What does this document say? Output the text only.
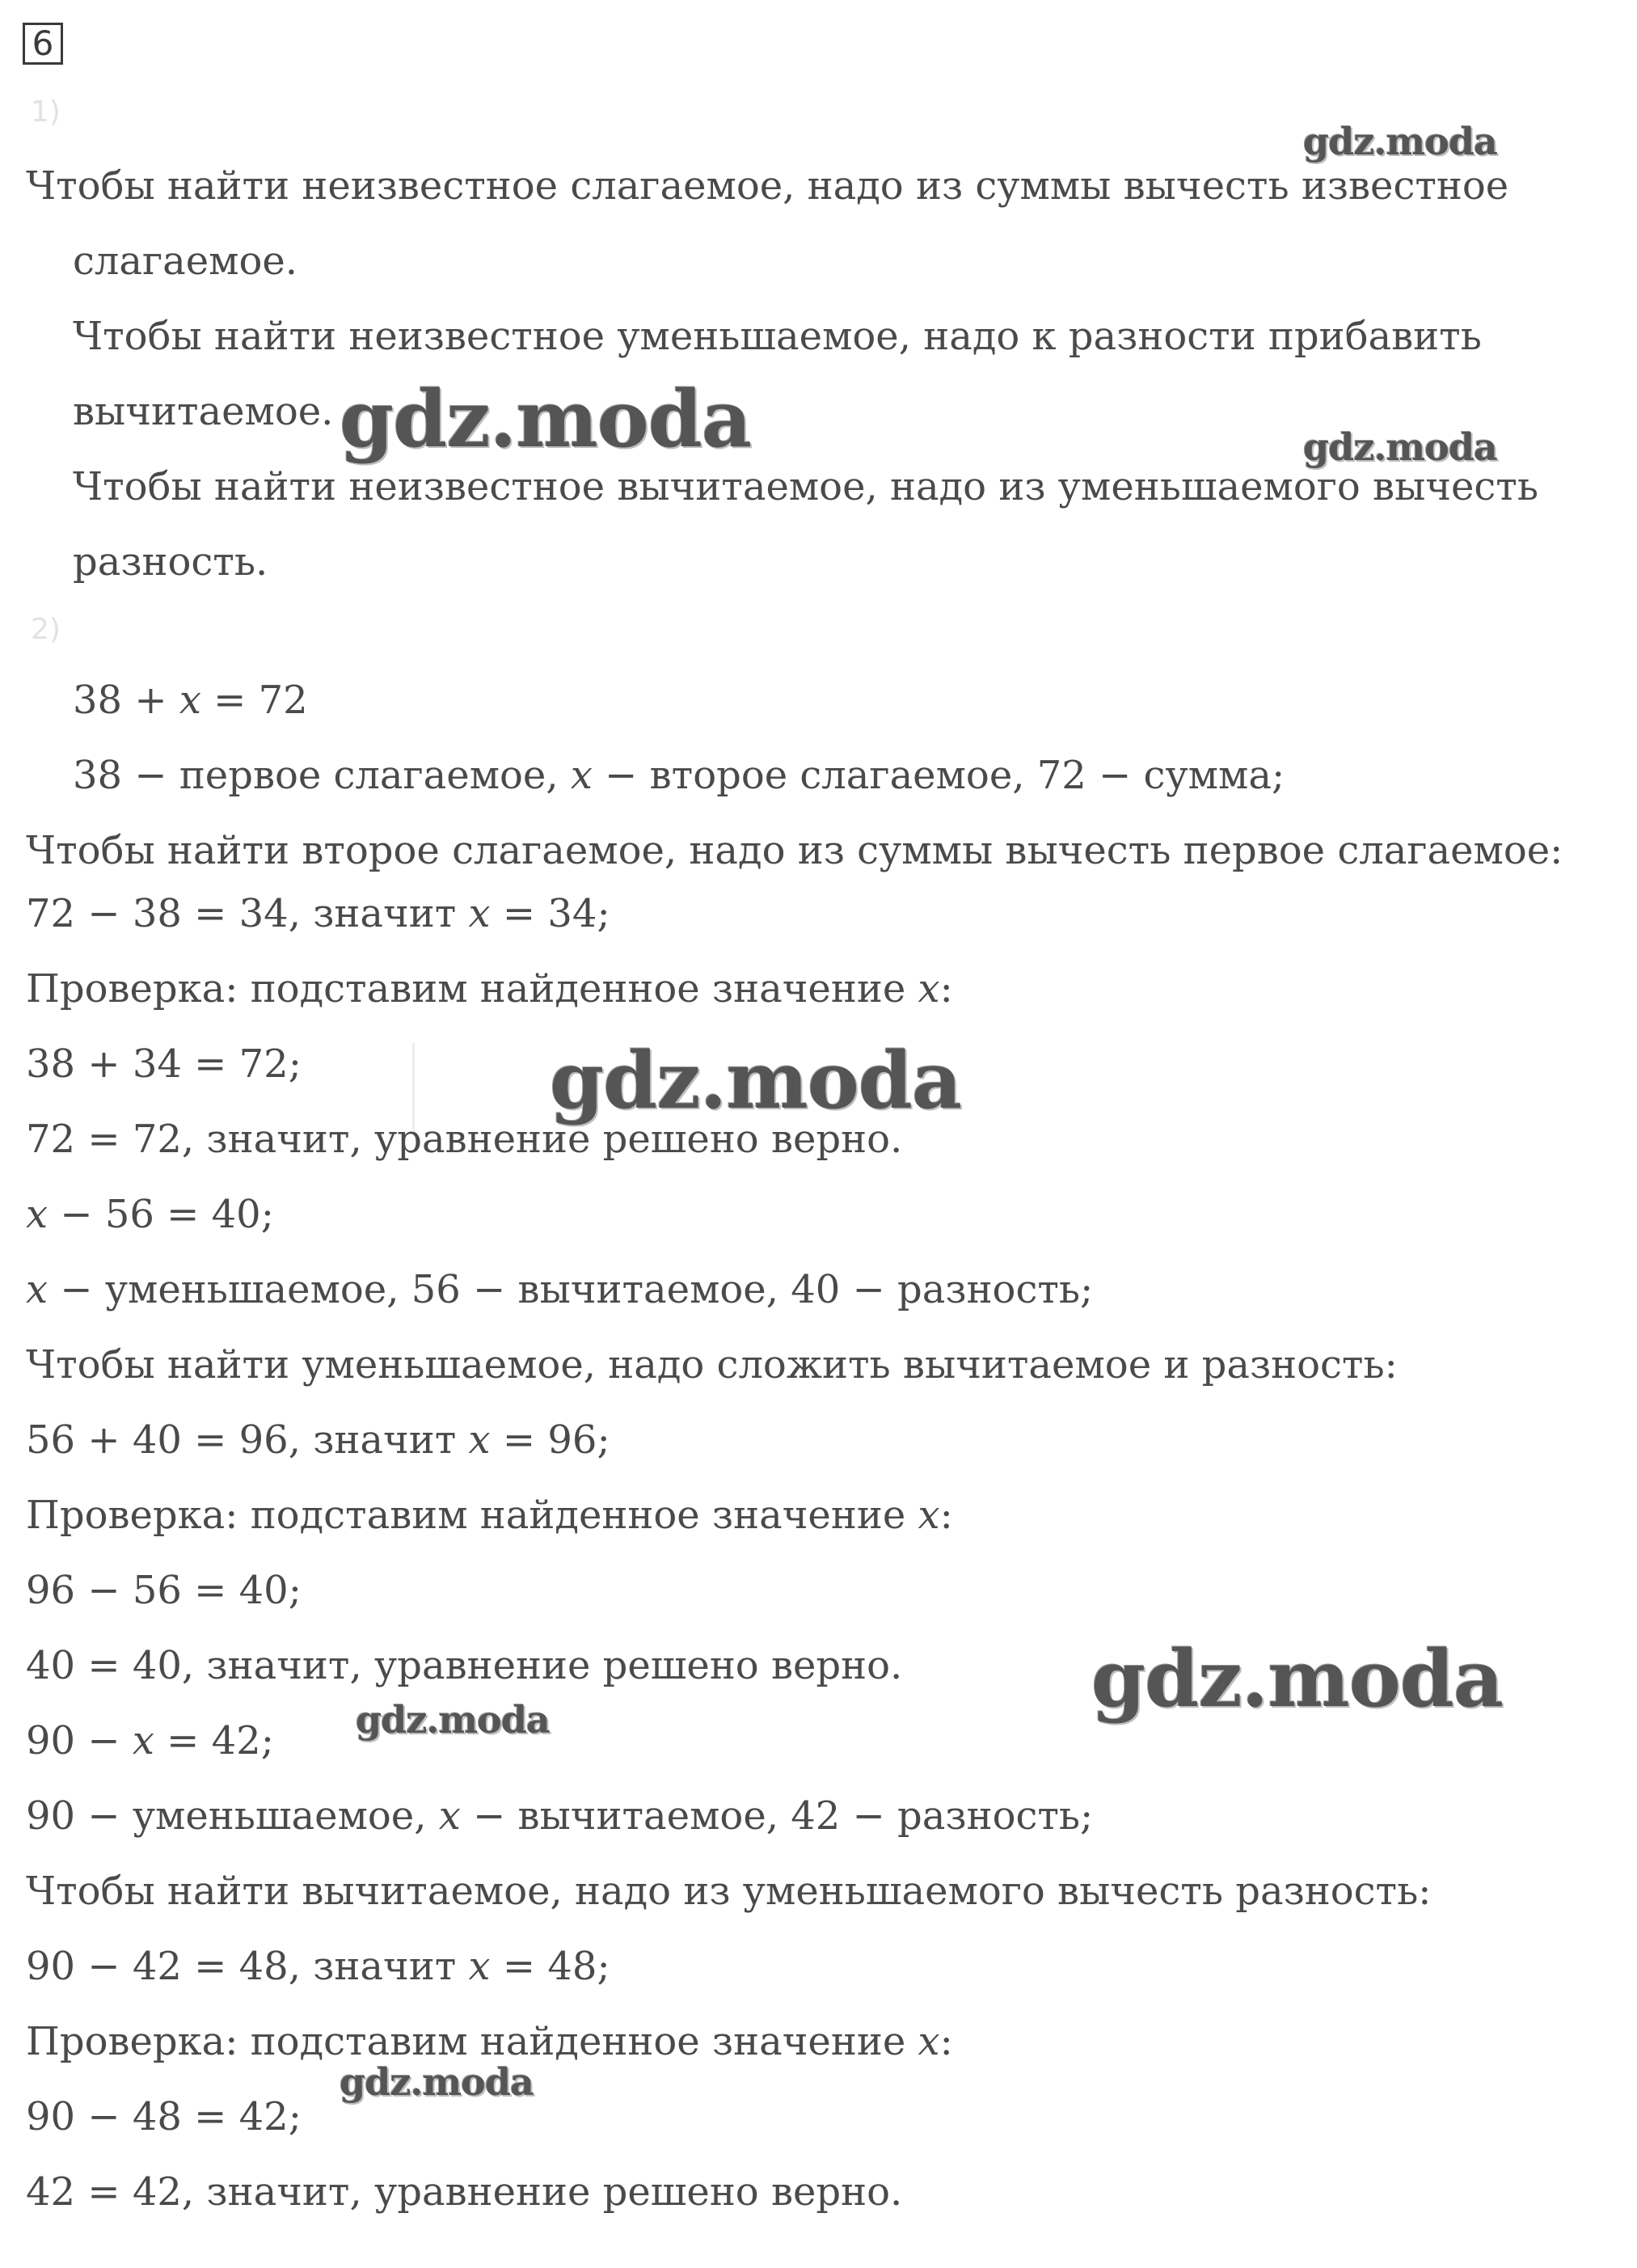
6
1)
2)
Чтобы найти неизвестное слагаемое, надо из суммы вычесть известное
слагаемое.
Чтобы найти неизвестное уменьшаемое, надо к разности прибавить
вычитаемое.
Чтобы найти неизвестное вычитаемое, надо из уменьшаемого вычесть
разность.
38 + x = 72
38 − первое слагаемое, x − второе слагаемое, 72 − сумма;
Чтобы найти второе слагаемое, надо из суммы вычесть первое слагаемое:
72 − 38 = 34, значит x = 34;
Проверка: подставим найденное значение x:
38 + 34 = 72;
72 = 72, значит, уравнение решено верно.
x − 56 = 40;
x − уменьшаемое, 56 − вычитаемое, 40 − разность;
Чтобы найти уменьшаемое, надо сложить вычитаемое и разность:
56 + 40 = 96, значит x = 96;
Проверка: подставим найденное значение x:
96 − 56 = 40;
40 = 40, значит, уравнение решено верно.
90 − x = 42;
90 − уменьшаемое, x − вычитаемое, 42 − разность;
Чтобы найти вычитаемое, надо из уменьшаемого вычесть разность:
90 − 42 = 48, значит x = 48;
Проверка: подставим найденное значение x:
90 − 48 = 42;
42 = 42, значит, уравнение решено верно.
gdz.moda
gdz.moda	gdz.moda
gdz.moda
gdz.moda
gdz.moda
gdz.moda
